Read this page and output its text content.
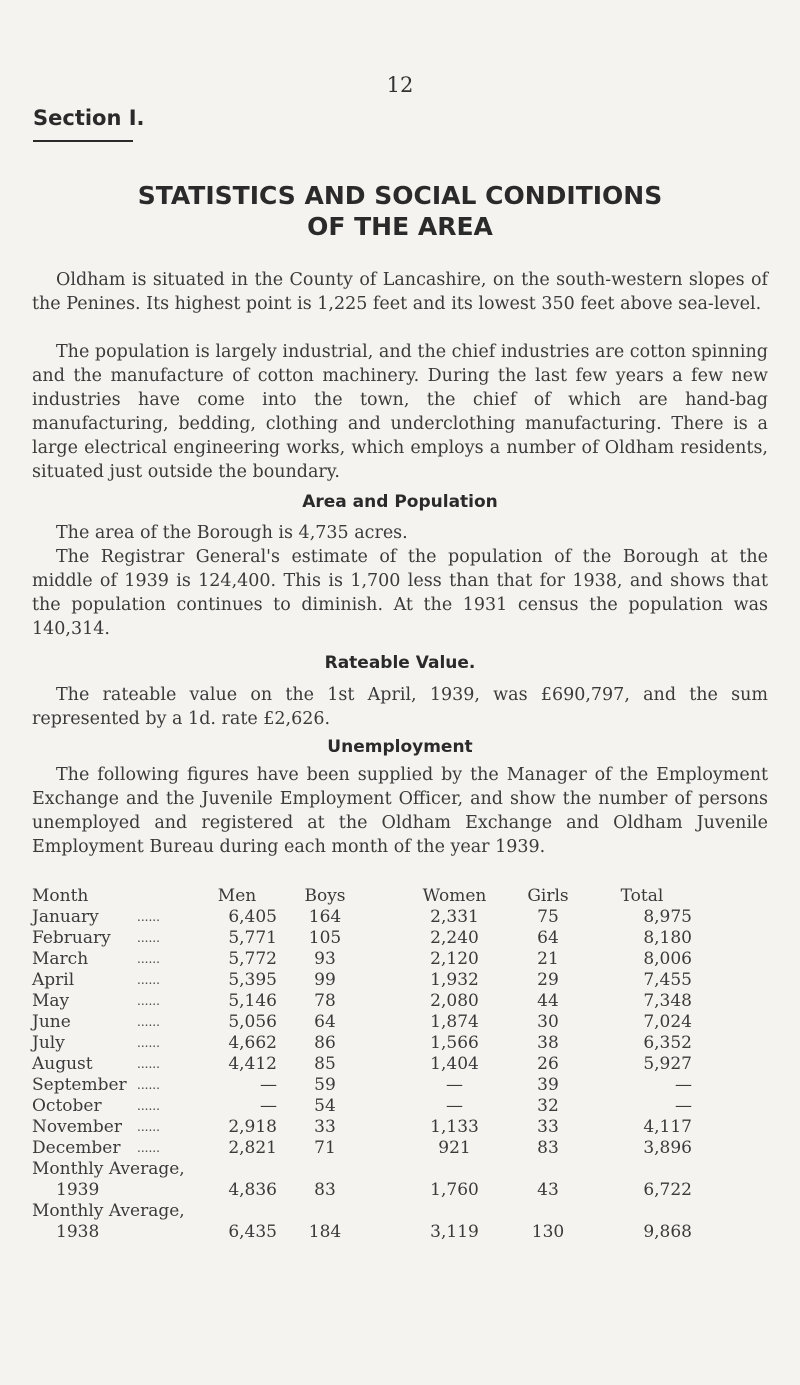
12
Section I.
STATISTICS AND SOCIAL CONDITIONS
OF THE AREA

Oldham is situated in the County of Lancashire, on the south-western slopes of the Penines. Its highest point is 1,225 feet and its lowest 350 feet above sea-level.

The population is largely industrial, and the chief industries are cotton spinning and the manufacture of cotton machinery. During the last few years a few new industries have come into the town, the chief of which are hand-bag manufacturing, bedding, clothing and underclothing manufacturing. There is a large electrical engineering works, which employs a number of Oldham residents, situated just outside the boundary.

Area and Population

The area of the Borough is 4,735 acres.

The Registrar General's estimate of the population of the Borough at the middle of 1939 is 124,400. This is 1,700 less than that for 1938, and shows that the population continues to diminish. At the 1931 census the population was 140,314.

Rateable Value.

The rateable value on the 1st April, 1939, was £690,797, and the sum represented by a 1d. rate £2,626.

Unemployment

The following figures have been supplied by the Manager of the Employment Exchange and the Juvenile Employment Officer, and show the number of persons unemployed and registered at the Oldham Exchange and Oldham Juvenile Employment Bureau during each month of the year 1939.

Month	Men	Boys	Women	Girls	Total
January	......	6,405	164	2,331	75	8,975
February ......	5,771	105	2,240	64	8,180
March	......	5,772	93	2,120	21	8,006
April	......	5,395	99	1,932	29	7,455
May	......	5,146	78	2,080	44	7,348
June	......	5,056	64	1,874	30	7,024
July	......	4,662	86	1,566	38	6,352
August	......	4,412	85	1,404	26	5,927
September ......	—	59	—	39	—
October	......	—	54	—	32	—
November ......	2,918	33	1,133	33	4,117
December ......	2,821	71	921	83	3,896
Monthly Average,
1939	4,836	83	1,760	43	6,722
Monthly Average,
1938	6,435	184	3,119	130	9,868
